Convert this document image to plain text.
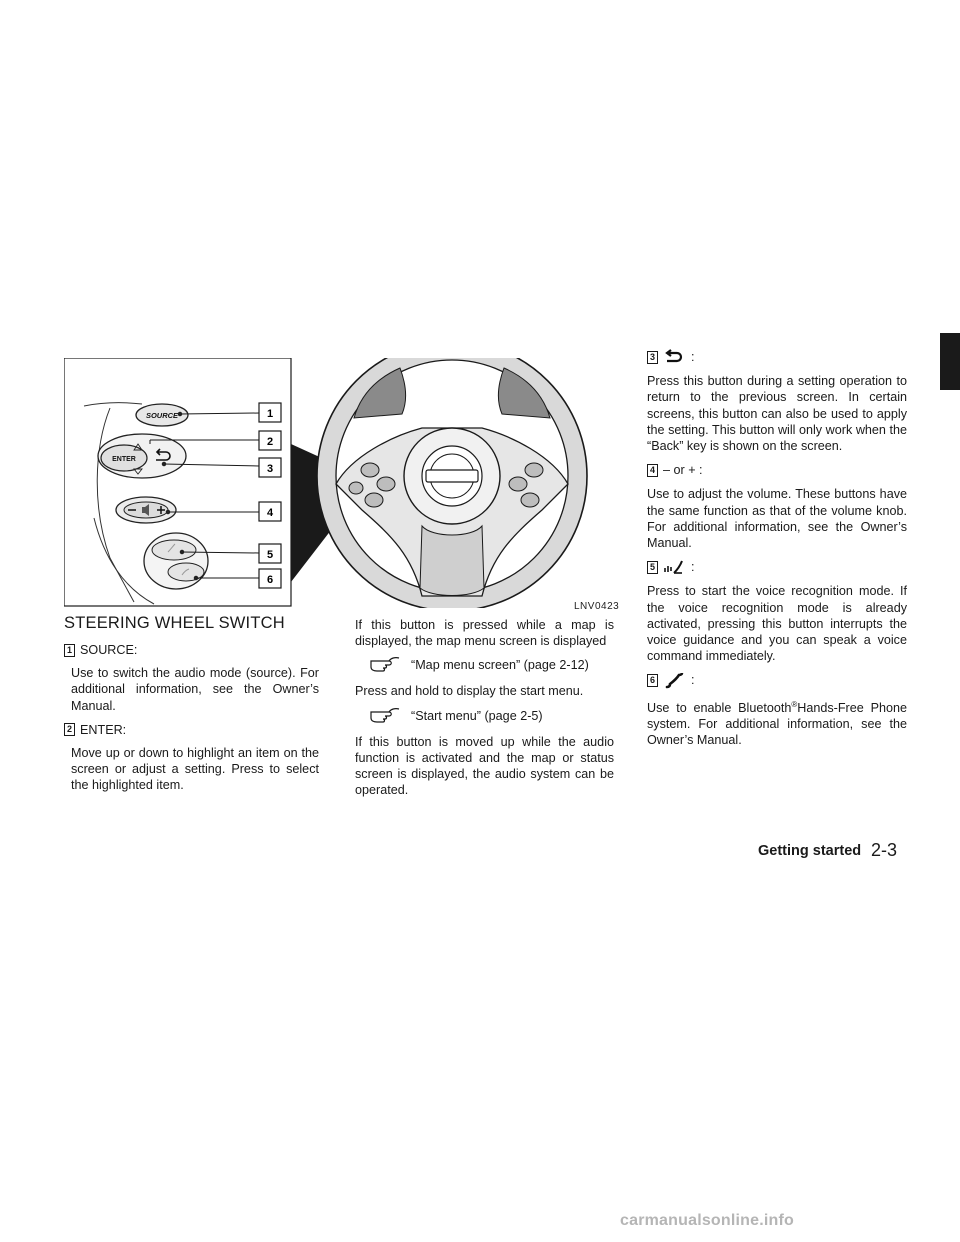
SOURCE
ENTER
1
2
3
4
5
6
LNV0423
STEERING WHEEL SWITCH
1 SOURCE:

Use to switch the audio mode (source). For additional information, see the Owner’s Manual.

2 ENTER:

Move up or down to highlight an item on the screen or adjust a setting. Press to select the highlighted item.

If this button is pressed while a map is displayed, the map menu screen is displayed

“Map menu screen” (page 2-12)

Press and hold to display the start menu.

“Start menu” (page 2-5)

If this button is moved up while the audio function is activated and the map or status screen is displayed, the audio system can be operated.

3	:

Press this button during a setting operation to return to the previous screen. In certain screens, this button can also be used to apply the setting. This button will only work when the “Back” key is shown on the screen.

4 – or + :

Use to adjust the volume. These buttons have the same function as that of the volume knob. For additional information, see the Owner’s Manual.

5	:

Press to start the voice recognition mode. If the voice recognition mode is already activated, pressing this button interrupts the voice guidance and you can speak a voice command immediately.

6	:

Use to enable Bluetooth®Hands-Free Phone system. For additional information, see the Owner’s Manual.

Getting started 2-3
carmanualsonline.info
